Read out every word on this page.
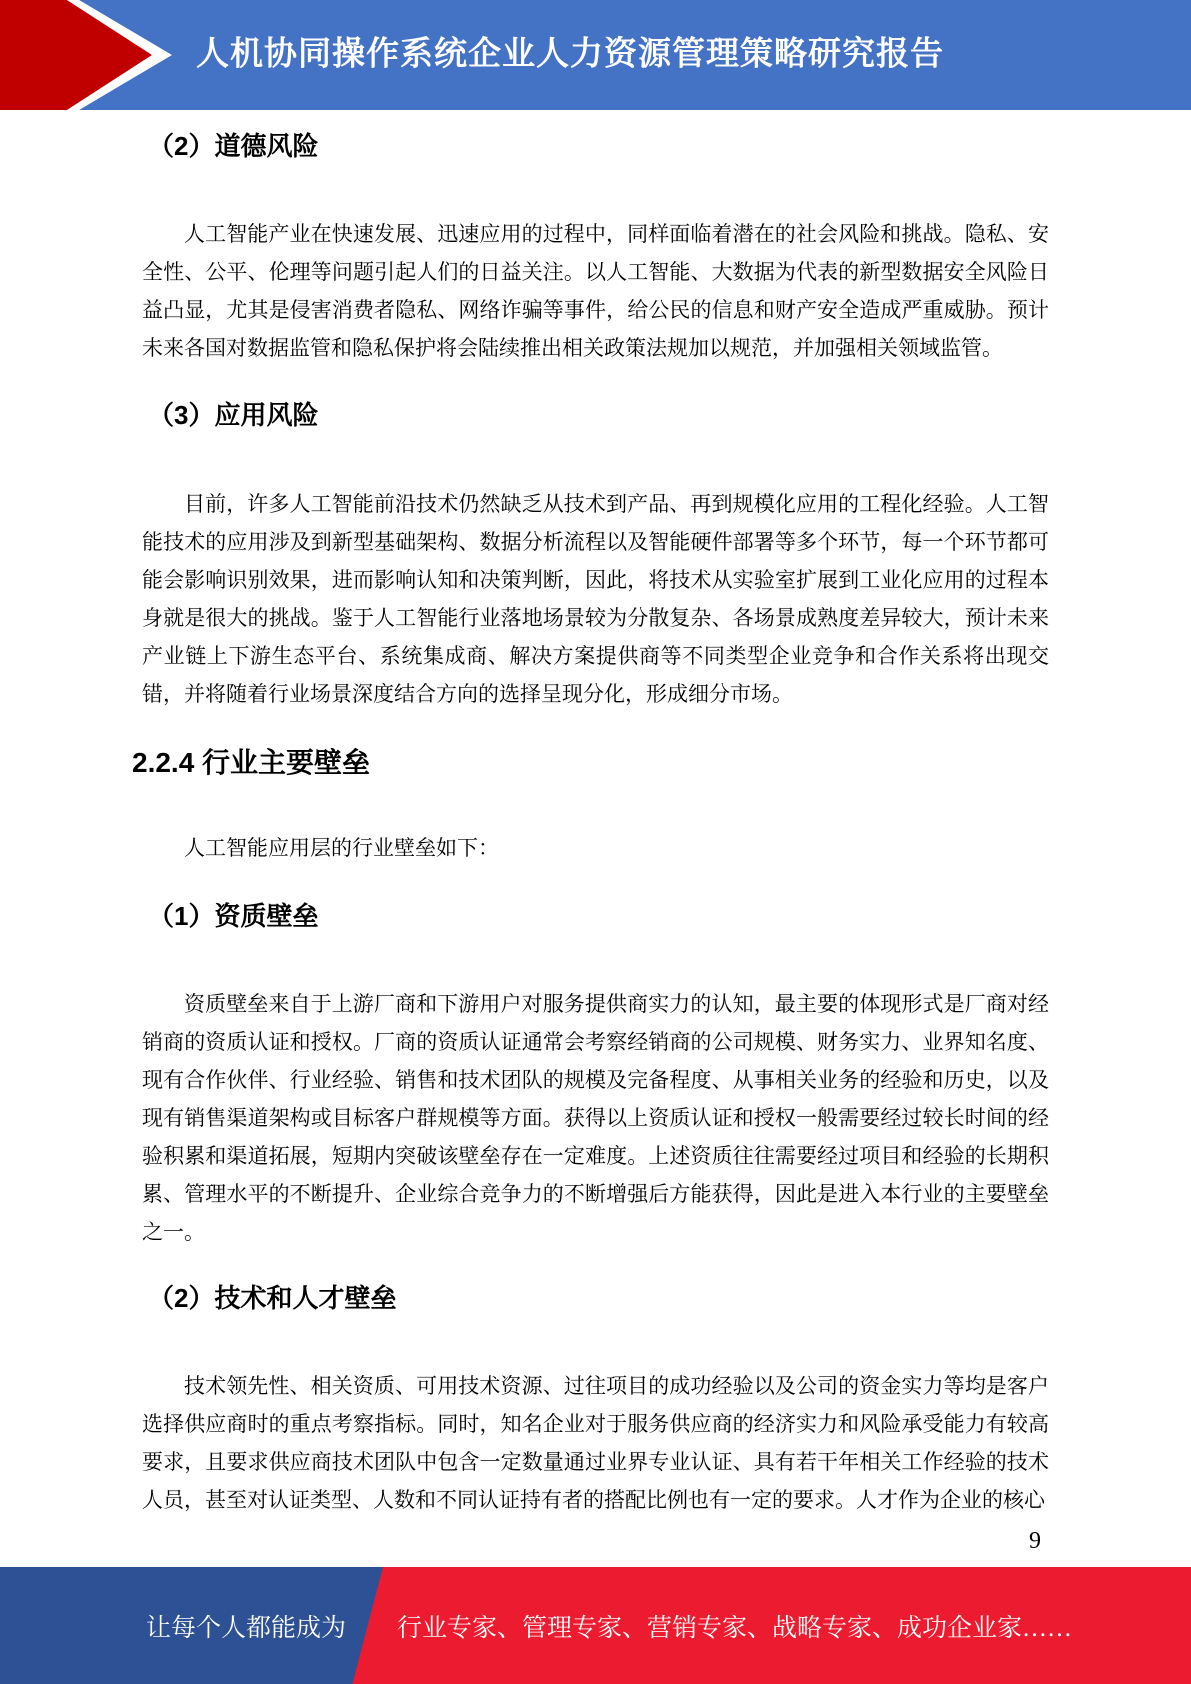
人机协同操作系统企业人力资源管理策略研究报告
（2）道德风险

人工智能产业在快速发展、迅速应用的过程中，同样面临着潜在的社会风险和挑战。隐私、安全性、公平、伦理等问题引起人们的日益关注。以人工智能、大数据为代表的新型数据安全风险日益凸显，尤其是侵害消费者隐私、网络诈骗等事件，给公民的信息和财产安全造成严重威胁。预计未来各国对数据监管和隐私保护将会陆续推出相关政策法规加以规范，并加强相关领域监管。

（3）应用风险

目前，许多人工智能前沿技术仍然缺乏从技术到产品、再到规模化应用的工程化经验。人工智能技术的应用涉及到新型基础架构、数据分析流程以及智能硬件部署等多个环节，每一个环节都可能会影响识别效果，进而影响认知和决策判断，因此，将技术从实验室扩展到工业化应用的过程本身就是很大的挑战。鉴于人工智能行业落地场景较为分散复杂、各场景成熟度差异较大，预计未来产业链上下游生态平台、系统集成商、解决方案提供商等不同类型企业竞争和合作关系将出现交错，并将随着行业场景深度结合方向的选择呈现分化，形成细分市场。

2.2.4 行业主要壁垒

人工智能应用层的行业壁垒如下：

（1）资质壁垒

资质壁垒来自于上游厂商和下游用户对服务提供商实力的认知，最主要的体现形式是厂商对经销商的资质认证和授权。厂商的资质认证通常会考察经销商的公司规模、财务实力、业界知名度、现有合作伙伴、行业经验、销售和技术团队的规模及完备程度、从事相关业务的经验和历史，以及现有销售渠道架构或目标客户群规模等方面。获得以上资质认证和授权一般需要经过较长时间的经验积累和渠道拓展，短期内突破该壁垒存在一定难度。上述资质往往需要经过项目和经验的长期积累、管理水平的不断提升、企业综合竞争力的不断增强后方能获得，因此是进入本行业的主要壁垒之一。

（2）技术和人才壁垒

技术领先性、相关资质、可用技术资源、过往项目的成功经验以及公司的资金实力等均是客户选择供应商时的重点考察指标。同时，知名企业对于服务供应商的经济实力和风险承受能力有较高要求，且要求供应商技术团队中包含一定数量通过业界专业认证、具有若干年相关工作经验的技术人员，甚至对认证类型、人数和不同认证持有者的搭配比例也有一定的要求。人才作为企业的核心

9
让每个人都能成为 行业专家、管理专家、营销专家、战略专家、成功企业家……
